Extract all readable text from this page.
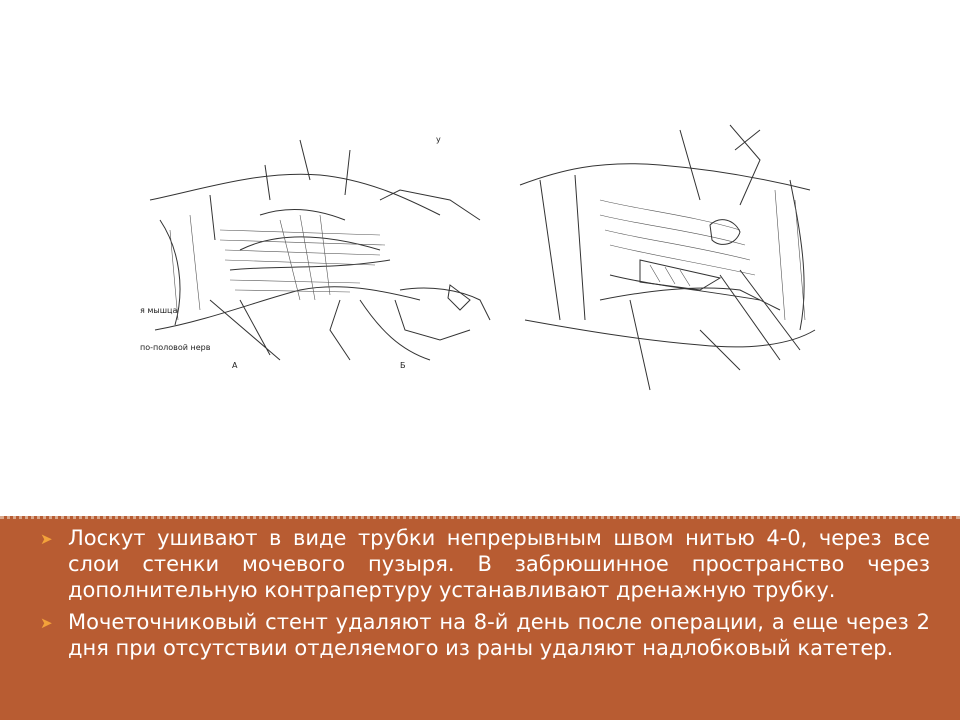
я мышца
по-половой нерв
А	Б
у
➤ Лоскут ушивают в виде трубки непрерывным швом нитью 4-0, через все слои стенки мочевого пузыря. В забрюшинное пространство через дополнительную контрапертуру устанавливают дренажную трубку.
➤ Мочеточниковый стент удаляют на 8-й день после операции, а еще через 2 дня при отсутствии отделяемого из раны удаляют надлобковый катетер.
